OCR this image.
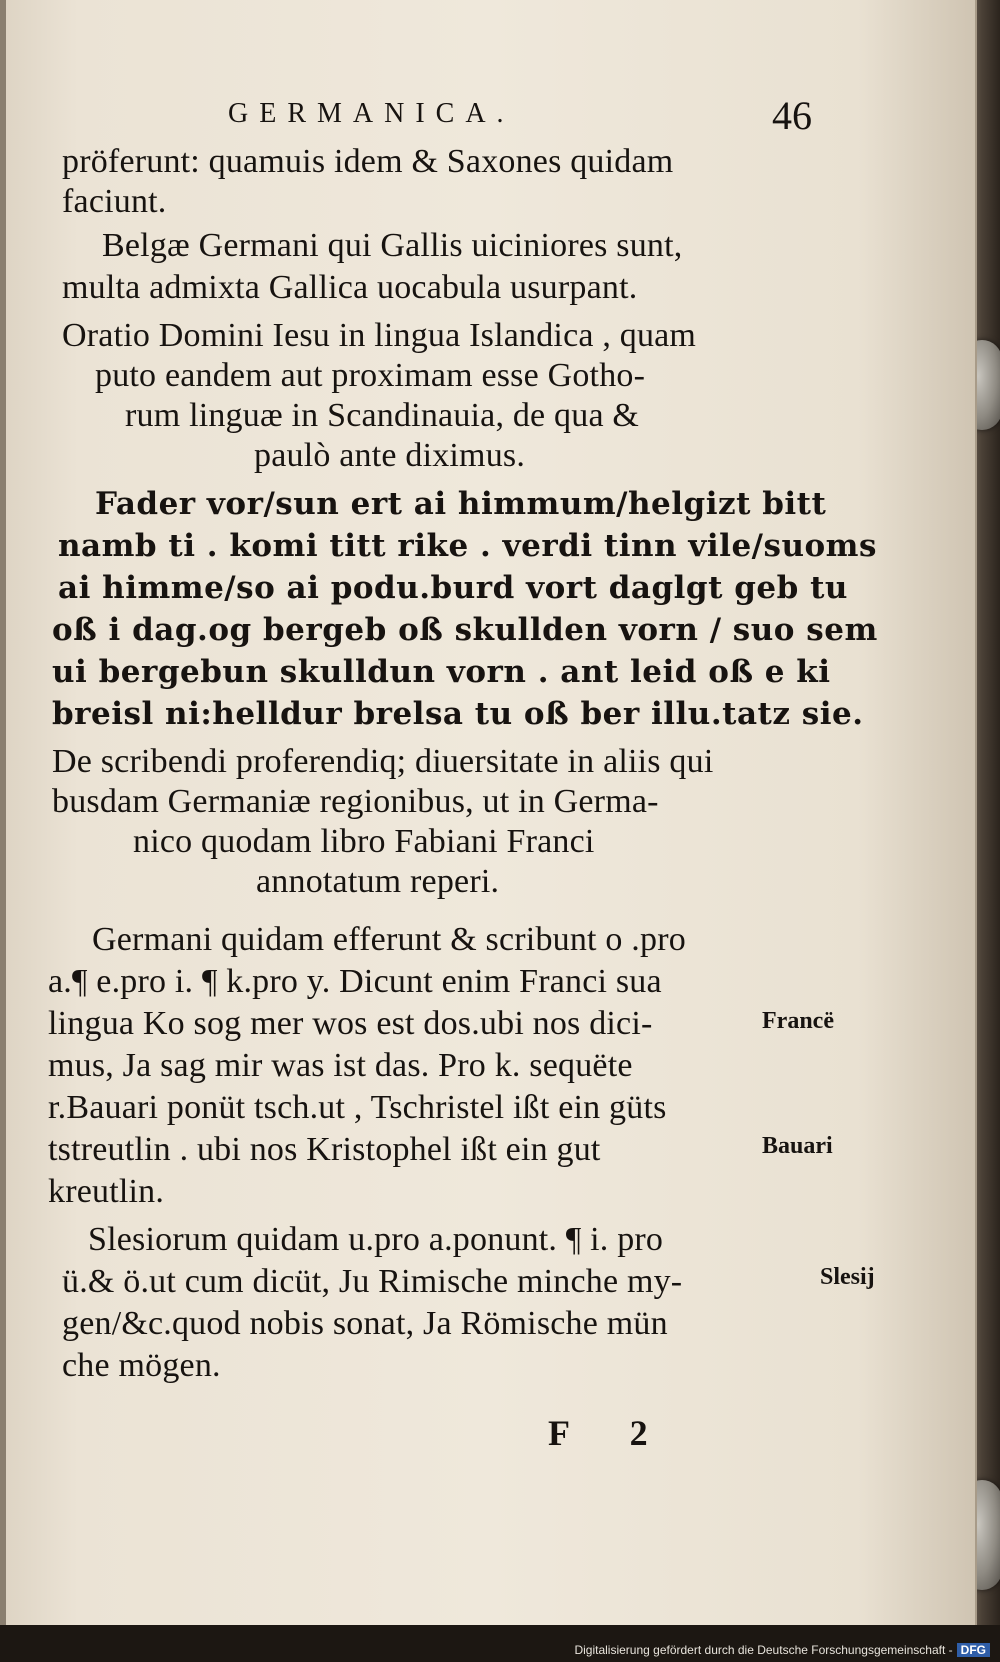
GERMANICA.	46
pröferunt: quamuis idem & Saxones quidam
faciunt.
Belgæ Germani qui Gallis uiciniores sunt,
multa admixta Gallica uocabula usurpant.
Oratio Domini Iesu in lingua Islandica , quam
puto eandem aut proximam esse Gotho-
rum linguæ in Scandinauia, de qua &
paulò ante diximus.
Fader vor/sun ert ai himmum/helgizt bitt
namb ti . komi titt rike . verdi tinn vile/suoms
ai himme/so ai podu.burd vort daglgt geb tu
oß i dag.og bergeb oß skullden vorn / suo sem
ui bergebun skulldun vorn . ant leid oß e ki
breisl ni:helldur brelsa tu oß ber illu.tatz sie.
De scribendi proferendiq; diuersitate in aliis qui
busdam Germaniæ regionibus, ut in Germa-
nico quodam libro Fabiani Franci
annotatum reperi.
Germani quidam efferunt & scribunt o .pro
a.¶ e.pro i. ¶ k.pro y. Dicunt enim Franci sua
lingua Ko sog mer wos est dos.ubi nos dici-
mus, Ja sag mir was ist das. Pro k. sequëte
r.Bauari ponüt tsch.ut , Tschristel ißt ein güts
tstreutlin . ubi nos Kristophel ißt ein gut
kreutlin.
Slesiorum quidam u.pro a.ponunt. ¶ i. pro
ü.& ö.ut cum dicüt, Ju Rimische minche my-
gen/&c.quod nobis sonat, Ja Römische mün
che mögen.
Francë
Bauari
Slesij
F 2
Digitalisierung gefördert durch die Deutsche Forschungsgemeinschaft - DFG
